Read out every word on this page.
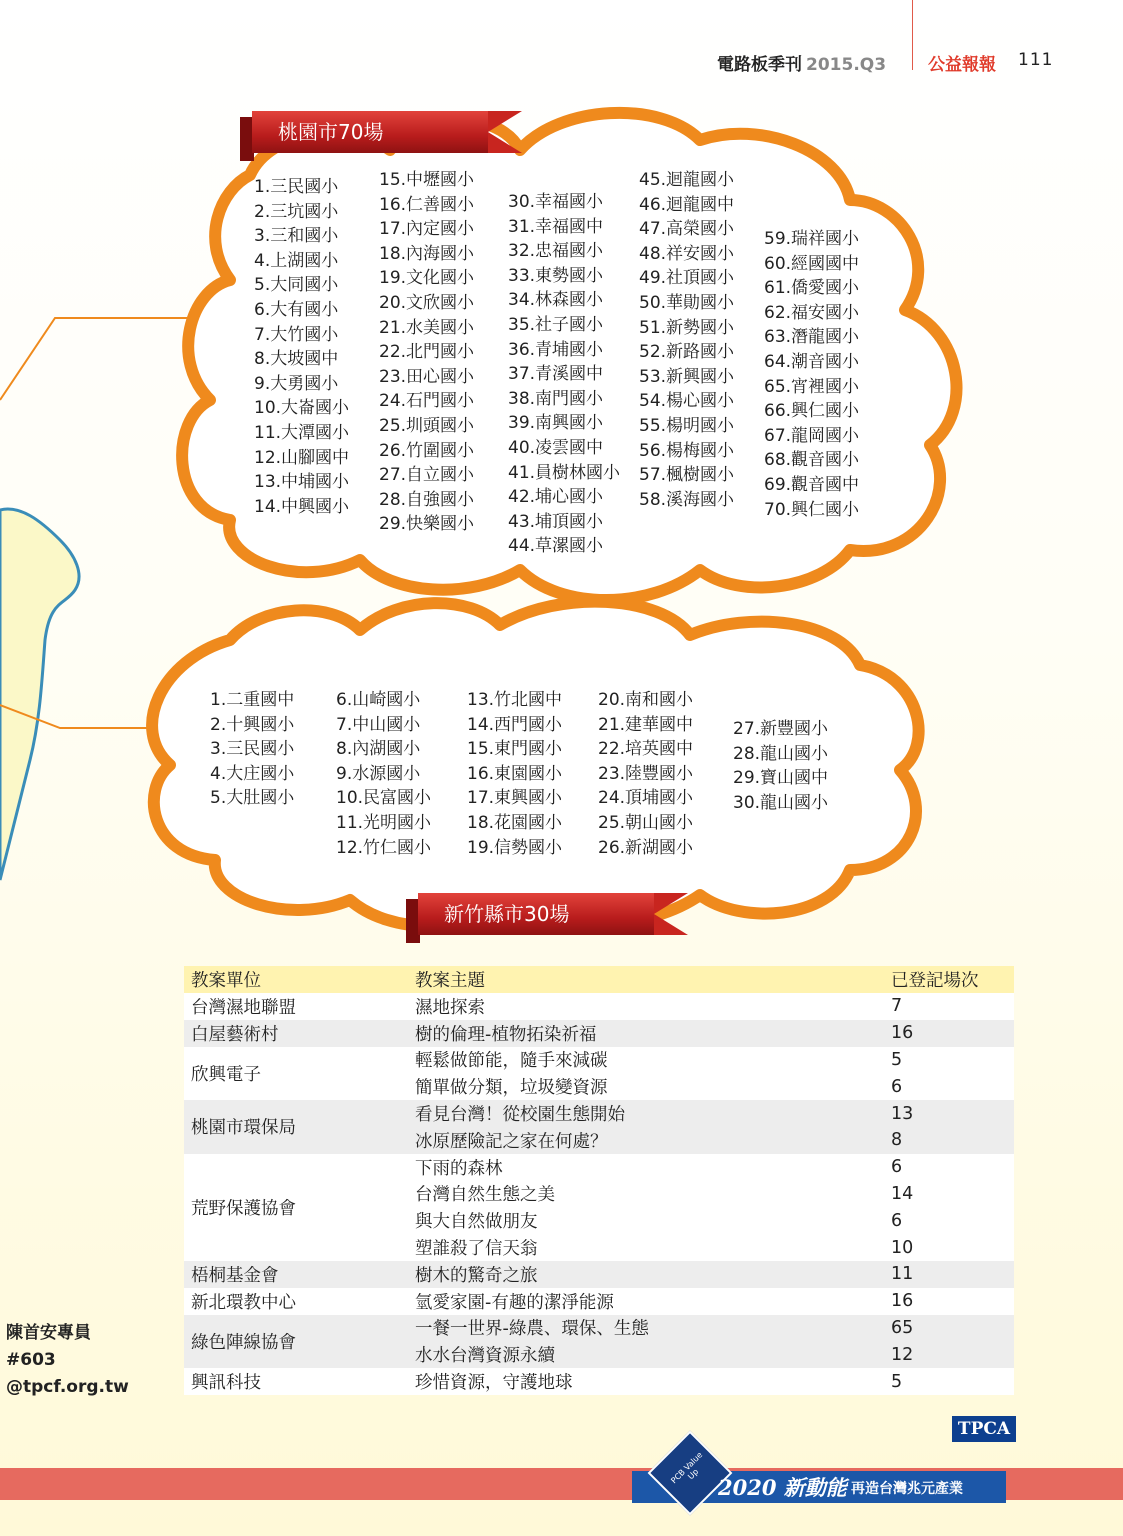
電路板季刊 2015.Q3 公益報報 111
桃園市70場
1.三民國小
2.三坑國小
3.三和國小
4.上湖國小
5.大同國小
6.大有國小
7.大竹國小
8.大坡國中
9.大勇國小
10.大崙國小
11.大潭國小
12.山腳國中
13.中埔國小
14.中興國小
15.中壢國小
16.仁善國小
17.內定國小
18.內海國小
19.文化國小
20.文欣國小
21.水美國小
22.北門國小
23.田心國小
24.石門國小
25.圳頭國小
26.竹圍國小
27.自立國小
28.自強國小
29.快樂國小
30.幸福國小
31.幸福國中
32.忠福國小
33.東勢國小
34.林森國小
35.社子國小
36.青埔國小
37.青溪國中
38.南門國小
39.南興國小
40.凌雲國中
41.員樹林國小
42.埔心國小
43.埔頂國小
44.草漯國小
45.迴龍國小
46.迴龍國中
47.高榮國小
48.祥安國小
49.社頂國小
50.華勛國小
51.新勢國小
52.新路國小
53.新興國小
54.楊心國小
55.楊明國小
56.楊梅國小
57.楓樹國小
58.溪海國小
59.瑞祥國小
60.經國國中
61.僑愛國小
62.福安國小
63.潛龍國小
64.潮音國小
65.宵裡國小
66.興仁國小
67.龍岡國小
68.觀音國小
69.觀音國中
70.興仁國小
1.二重國中
2.十興國小
3.三民國小
4.大庄國小
5.大肚國小
6.山崎國小
7.中山國小
8.內湖國小
9.水源國小
10.民富國小
11.光明國小
12.竹仁國小
13.竹北國中
14.西門國小
15.東門國小
16.東園國小
17.東興國小
18.花園國小
19.信勢國小
20.南和國小
21.建華國中
22.培英國中
23.陸豐國小
24.頂埔國小
25.朝山國小
26.新湖國小
27.新豐國小
28.龍山國小
29.寶山國中
30.龍山國小
新竹縣市30場
教案單位	教案主題	已登記場次
台灣濕地聯盟	濕地探索	7
白屋藝術村	樹的倫理-植物拓染祈福	16
欣興電子	輕鬆做節能，隨手來減碳	5
	簡單做分類，垃圾變資源	6
桃園市環保局	看見台灣！從校園生態開始	13
	冰原歷險記之家在何處？	8
荒野保護協會	下雨的森林	6
	台灣自然生態之美	14
	與大自然做朋友	6
	塑誰殺了信天翁	10
梧桐基金會	樹木的驚奇之旅	11
新北環教中心	氫愛家園-有趣的潔淨能源	16
綠色陣線協會	一餐一世界-綠農、環保、生態	65
	水水台灣資源永續	12
興訊科技	珍惜資源，守護地球	5
陳首安專員
#603
@tpcf.org.tw
TPCA
PCB Value Up
2020 新動能 再造台灣兆元產業
